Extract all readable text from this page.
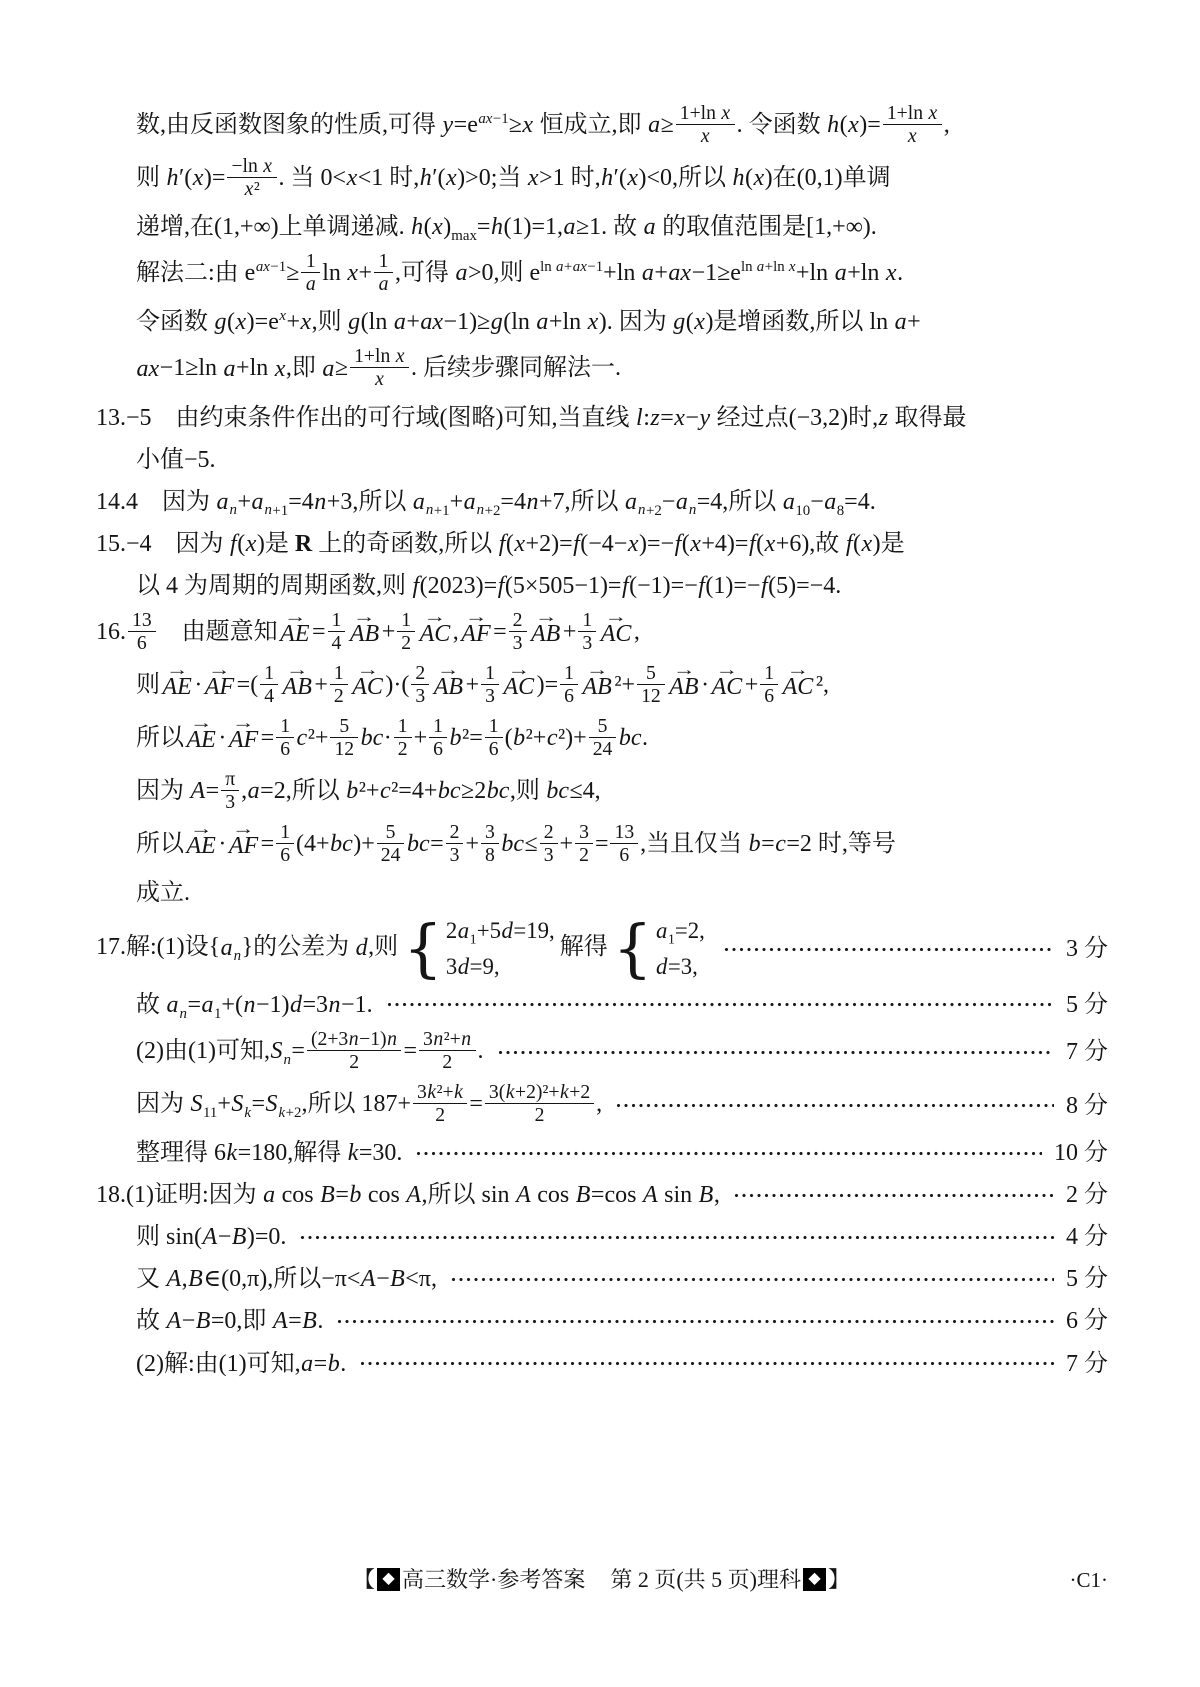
数,由反函数图象的性质,可得 $y=e^{ax-1}\ge x$ 恒成立,即 $a\ge \frac{\text{1+ln x}}{x}$ . 令函数 $h(x)= \frac{\text{1+ln x}}{x}$ ,
则 $h'(x)= \frac{\text{−ln x}}{\text{x²}}$ . 当 0<x<1 时,h′(x)>0;当 x>1 时,h′(x)<0,所以 h(x)在(0,1)单调
递增,在(1,+∞)上单调递减. $h(x)_{max}=h(1)=1,a\ge 1$. 故 a 的取值范围是[1,+∞).
解法二:由 $e^{ax-1}\ge \frac{1}{a}$ $\ln x+ \frac{1}{a}$ ,可得 a>0,则 $e^{ln a+ax-1}+\ln$ $a+ax-1\ge e^{ln a+ln x}+\ln$ a+ln x.
令函数 $g(x)=e^x+x$,则 g(ln a+ax−1)≥g(ln a+ln x). 因为 g(x)是增函数,所以 ln a+
ax−1≥ln a+ln x,即 $a\ge \frac{\text{1+ln x}}{x}$ . 后续步骤同解法一.
13.−5　由约束条件作出的可行域(图略)可知,当直线 l:z=x−y 经过点(−3,2)时,z 取得最
小值−5.
14.4　因为 $a_n+a_{n+1}=4n+3$,所以 $a_{n+1}+a_{n+2}=4n+7$,所以 $a_{n+2}-a_n=4$,所以 $a_{10}-a_8=4$.
15.−4　因为 f(x)是 R 上的奇函数,所以 f(x+2)=f(−4−x)=−f(x+4)=f(x+6),故 f(x)是
以 4 为周期的周期函数,则 f(2023)=f(5×505−1)=f(−1)=−f(1)=−f(5)=−4.
16. $\frac{13}{6}$ 　由题意知
→
AE = $\frac{1}{4}$ →
AB + $\frac{1}{2}$ →
AC ,
→
AF = $\frac{2}{3}$ →
AB + $\frac{1}{3}$ →
AC ,
则
→
AE ·
→
AF =( $\frac{1}{4}$ →
AB + $\frac{1}{2}$ →
AC )·( $\frac{2}{3}$ →
AB + $\frac{1}{3}$ →
AC )= $\frac{1}{6}$ →
AB $^2+ \frac{5}{12}$ →
AB ·
→
AC + $\frac{1}{6}$ →
AC ²,
所以
→
AE ·
→
AF = $\frac{1}{6} c^2+ \frac{5}{12} bc\cdot \frac{1}{2} + \frac{1}{6} b^2= \frac{1}{6} (b^2+c^2)+ \frac{5}{24}$ bc.
因为 $A= \frac{\pi}{3} ,a=2$,所以 b²+c²=4+bc≥2bc,则 bc≤4,
所以
→
AE ·
→
AF = $\frac{1}{6} (4+bc)+ \frac{5}{24} bc= \frac{2}{3} + \frac{3}{8} bc\le \frac{2}{3} + \frac{3}{2} = \frac{13}{6}$ ,当且仅当 b=c=2 时,等号
成立.
17.解:(1)设$\{a_n\}$的公差为 d,则
{ $2a_1+5d=19$,
3d=9,
解得
{ $a_1=2$,
d=3,
3 分
故 $a_n=a_1+(n-1)d=3n-1$.	5 分
(2)由(1)可知$,S_n= \frac{(2+3n-1)n}{2} = \frac{\text{3n²+n}}{2}$ .	7 分
因为 $S_{11}+S_k=S_{k+2}$,所以 $187+ \frac{\text{3k²+k}}{2} = \frac{\text{3(k+2)²+k+2}}{2}$ ,	8 分
整理得 6k=180,解得 k=30.	10 分
18.(1)证明:因为 a cos B=b cos A,所以 sin A cos B=cos A sin B,	2 分
则 sin(A−B)=0.	4 分
又 A,B∈(0,π),所以−π<A−B<π,	5 分
故 A−B=0,即 A=B.	6 分
(2)解:由(1)可知,a=b.	7 分
【 ◆ 高三数学·参考答案 第 2 页(共 5 页)理科 ◆ 】	·C1·
